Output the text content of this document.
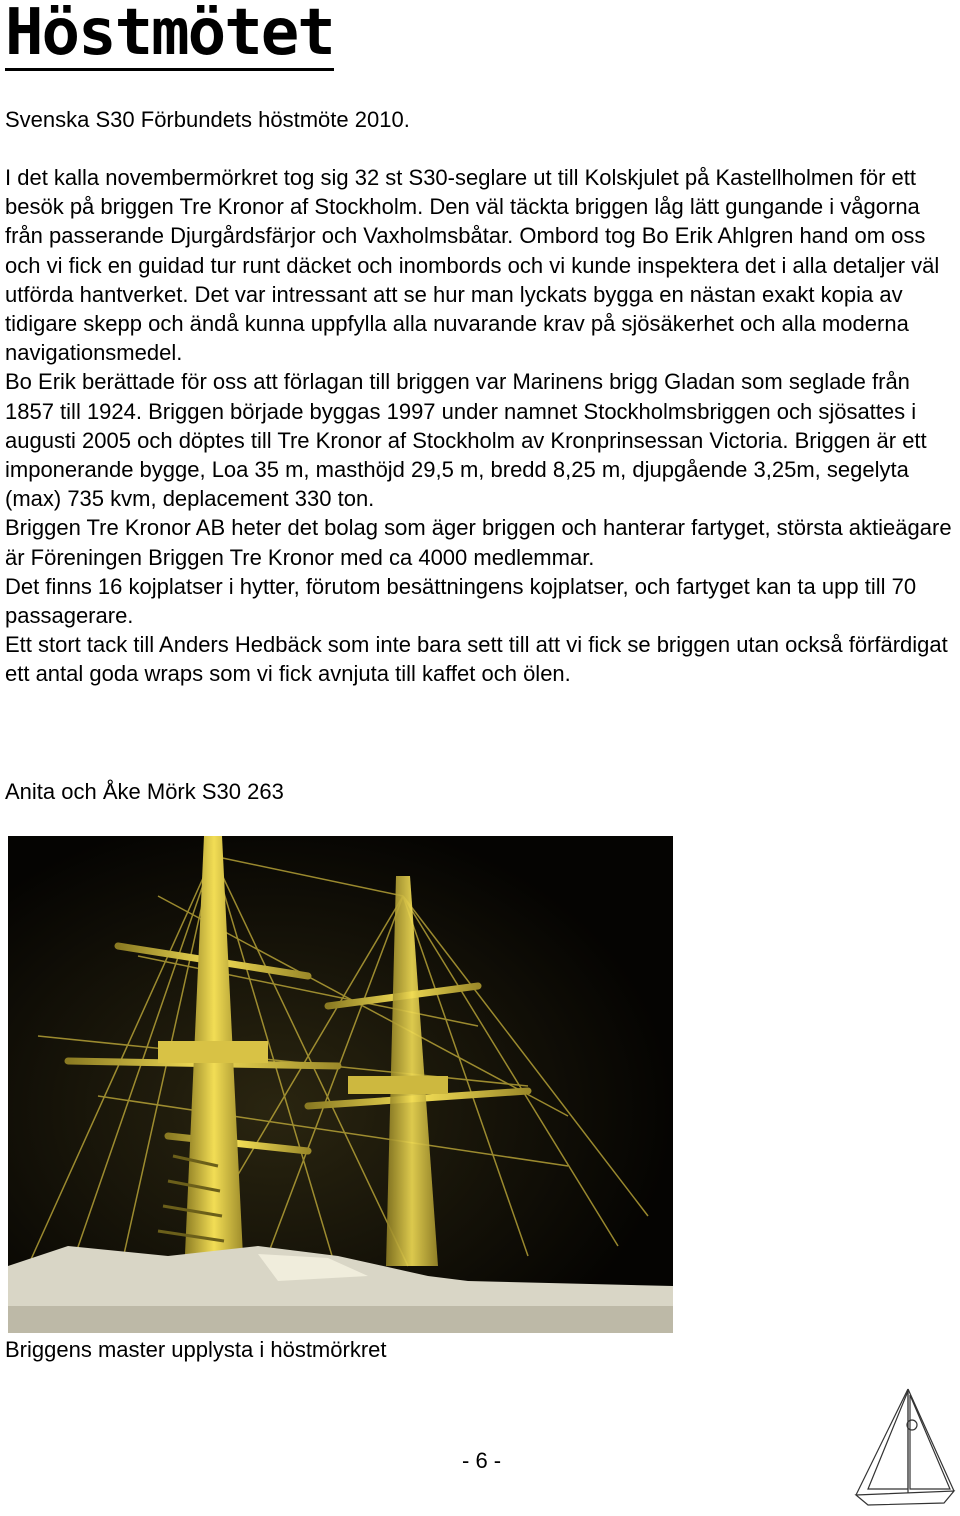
Höstmötet
Svenska S30 Förbundets höstmöte 2010.

I det kalla novembermörkret tog sig 32 st S30-seglare ut till Kolskjulet på Kastellholmen för ett besök på briggen Tre Kronor af Stockholm. Den väl täckta briggen låg lätt gungande i vågorna från passerande Djurgårdsfärjor och Vaxholmsbåtar. Ombord tog Bo Erik Ahlgren hand om oss och vi fick en guidad tur runt däcket och inombords och vi kunde inspektera det i alla detaljer väl utförda hantverket. Det var intressant att se hur man lyckats bygga en nästan exakt kopia av tidigare skepp och ändå kunna uppfylla alla nuvarande krav på sjösäkerhet och alla moderna navigationsmedel.

Bo Erik berättade för oss att förlagan till briggen var Marinens brigg Gladan som seglade från 1857 till 1924. Briggen började byggas 1997 under namnet Stockholmsbriggen och sjösattes i augusti 2005 och döptes till Tre Kronor af Stockholm av Kronprinsessan Victoria. Briggen är ett imponerande bygge, Loa 35 m, masthöjd 29,5 m, bredd 8,25 m, djupgående 3,25m, segelyta (max) 735 kvm, deplacement 330 ton.

Briggen Tre Kronor AB heter det bolag som äger briggen och hanterar fartyget, största aktieägare är Föreningen Briggen Tre Kronor med ca 4000 medlemmar.

Det finns 16 kojplatser i hytter, förutom besättningens kojplatser, och fartyget kan ta upp till 70 passagerare.

Ett stort tack till Anders Hedbäck som inte bara sett till att vi fick se briggen utan också förfärdigat ett antal goda wraps som vi fick avnjuta till kaffet och ölen.

Anita och Åke Mörk S30 263
Briggens master upplysta i höstmörkret
- 6 -
